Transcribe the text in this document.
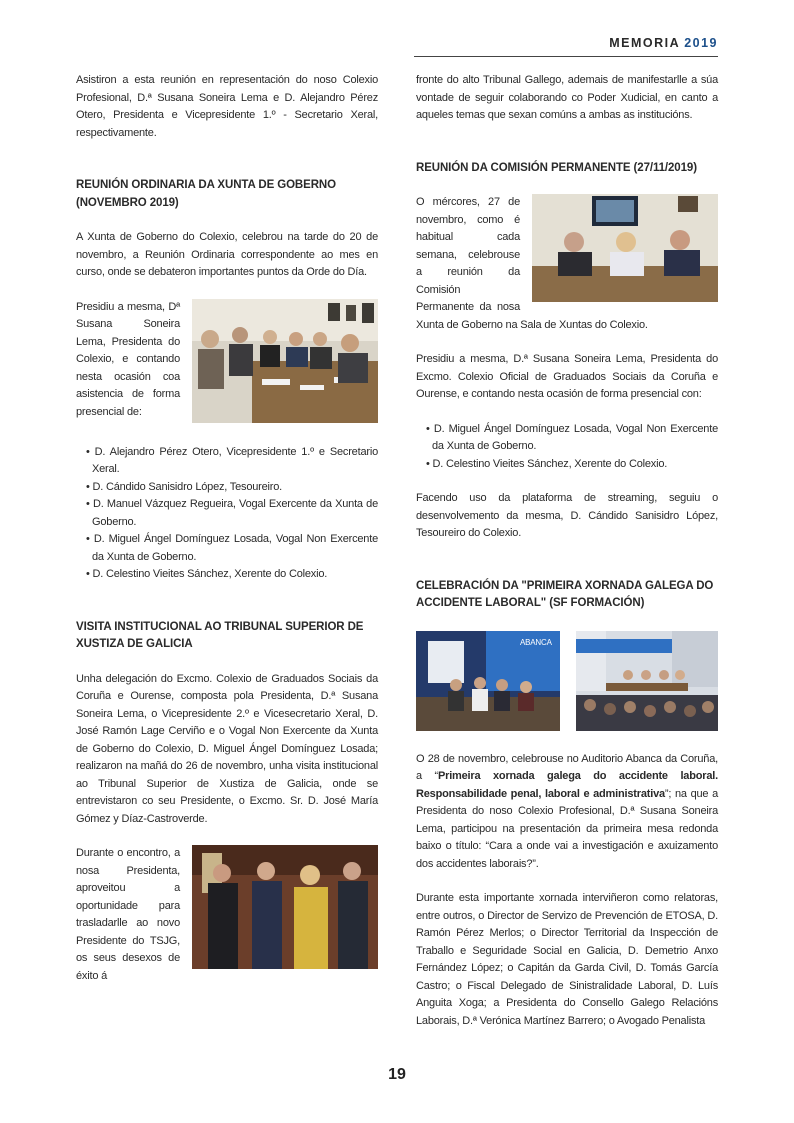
MEMORIA 2019

Asistiron a esta reunión en representación do noso Colexio Profesional, D.ª Susana Soneira Lema e D. Alejandro Pérez Otero, Presidenta e Vicepresidente 1.º - Secretario Xeral, respectivamente.

REUNIÓN ORDINARIA DA XUNTA DE GOBERNO (NOVEMBRO 2019)

A Xunta de Goberno do Colexio, celebrou na tarde do 20 de novembro, a Reunión Ordinaria correspondente ao mes en curso, onde se debateron importantes puntos da Orde do Día.

Presidiu a mesma, Dª Susana Soneira Lema, Presidenta do Colexio, e contando nesta ocasión coa asistencia de forma presencial de:

• D. Alejandro Pérez Otero, Vicepresidente 1.º e Secretario Xeral.
• D. Cándido Sanisidro López, Tesoureiro.
• D. Manuel Vázquez Regueira, Vogal Exercente da Xunta de Goberno.
• D. Miguel Ángel Domínguez Losada, Vogal Non Exercente da Xunta de Goberno.
• D. Celestino Vieites Sánchez, Xerente do Colexio.
VISITA INSTITUCIONAL AO TRIBUNAL SUPERIOR DE XUSTIZA DE GALICIA

Unha delegación do Excmo. Colexio de Graduados Sociais da Coruña e Ourense, composta pola Presidenta, D.ª Susana Soneira Lema, o Vicepresidente 2.º e Vicesecretario Xeral, D. José Ramón Lage Cerviño e o Vogal Non Exercente da Xunta de Goberno do Colexio, D. Miguel Ángel Domínguez Losada; realizaron na mañá do 26 de novembro, unha visita institucional ao Tribunal Superior de Xustiza de Galicia, onde se entrevistaron co seu Presidente, o Excmo. Sr. D. José María Gómez y Díaz-Castroverde.

Durante o encontro, a nosa Presidenta, aproveitou a oportunidade para trasladarlle ao novo Presidente do TSJG, os seus desexos de éxito á

fronte do alto Tribunal Gallego, ademais de manifestarlle a súa vontade de seguir colaborando co Poder Xudicial, en canto a aqueles temas que sexan comúns a ambas as institucións.

REUNIÓN DA COMISIÓN PERMANENTE (27/11/2019)

O mércores, 27 de novembro, como é habitual cada semana, celebrouse a reunión da Comisión Permanente da nosa Xunta de Goberno na Sala de Xuntas do Colexio.

Presidiu a mesma, D.ª Susana Soneira Lema, Presidenta do Excmo. Colexio Oficial de Graduados Sociais da Coruña e Ourense, e contando nesta ocasión de forma presencial con:

• D. Miguel Ángel Domínguez Losada, Vogal Non Exercente da Xunta de Goberno.
• D. Celestino Vieites Sánchez, Xerente do Colexio.

Facendo uso da plataforma de streaming, seguiu o desenvolvemento da mesma, D. Cándido Sanisidro López, Tesoureiro do Colexio.

CELEBRACIÓN DA "PRIMEIRA XORNADA GALEGA DO ACCIDENTE LABORAL" (SF FORMACIÓN)
ABANCA

O 28 de novembro, celebrouse no Auditorio Abanca da Coruña, a “Primeira xornada galega do accidente laboral. Responsabilidade penal, laboral e administrativa”; na que a Presidenta do noso Colexio Profesional, D.ª Susana Soneira Lema, participou na presentación da primeira mesa redonda baixo o título: “Cara a onde vai a investigación e axuizamento dos accidentes laborais?”.

Durante esta importante xornada interviñeron como relatoras, entre outros, o Director de Servizo de Prevención de ETOSA, D. Ramón Pérez Merlos; o Director Territorial da Inspección de Traballo e Seguridade Social en Galicia, D. Demetrio Anxo Fernández López; o Capitán da Garda Civil, D. Tomás García Castro; o Fiscal Delegado de Sinistralidade Laboral, D. Luís Anguita Xoga; a Presidenta do Consello Galego Relacións Laborais, D.ª Verónica Martínez Barrero; o Avogado Penalista

19
